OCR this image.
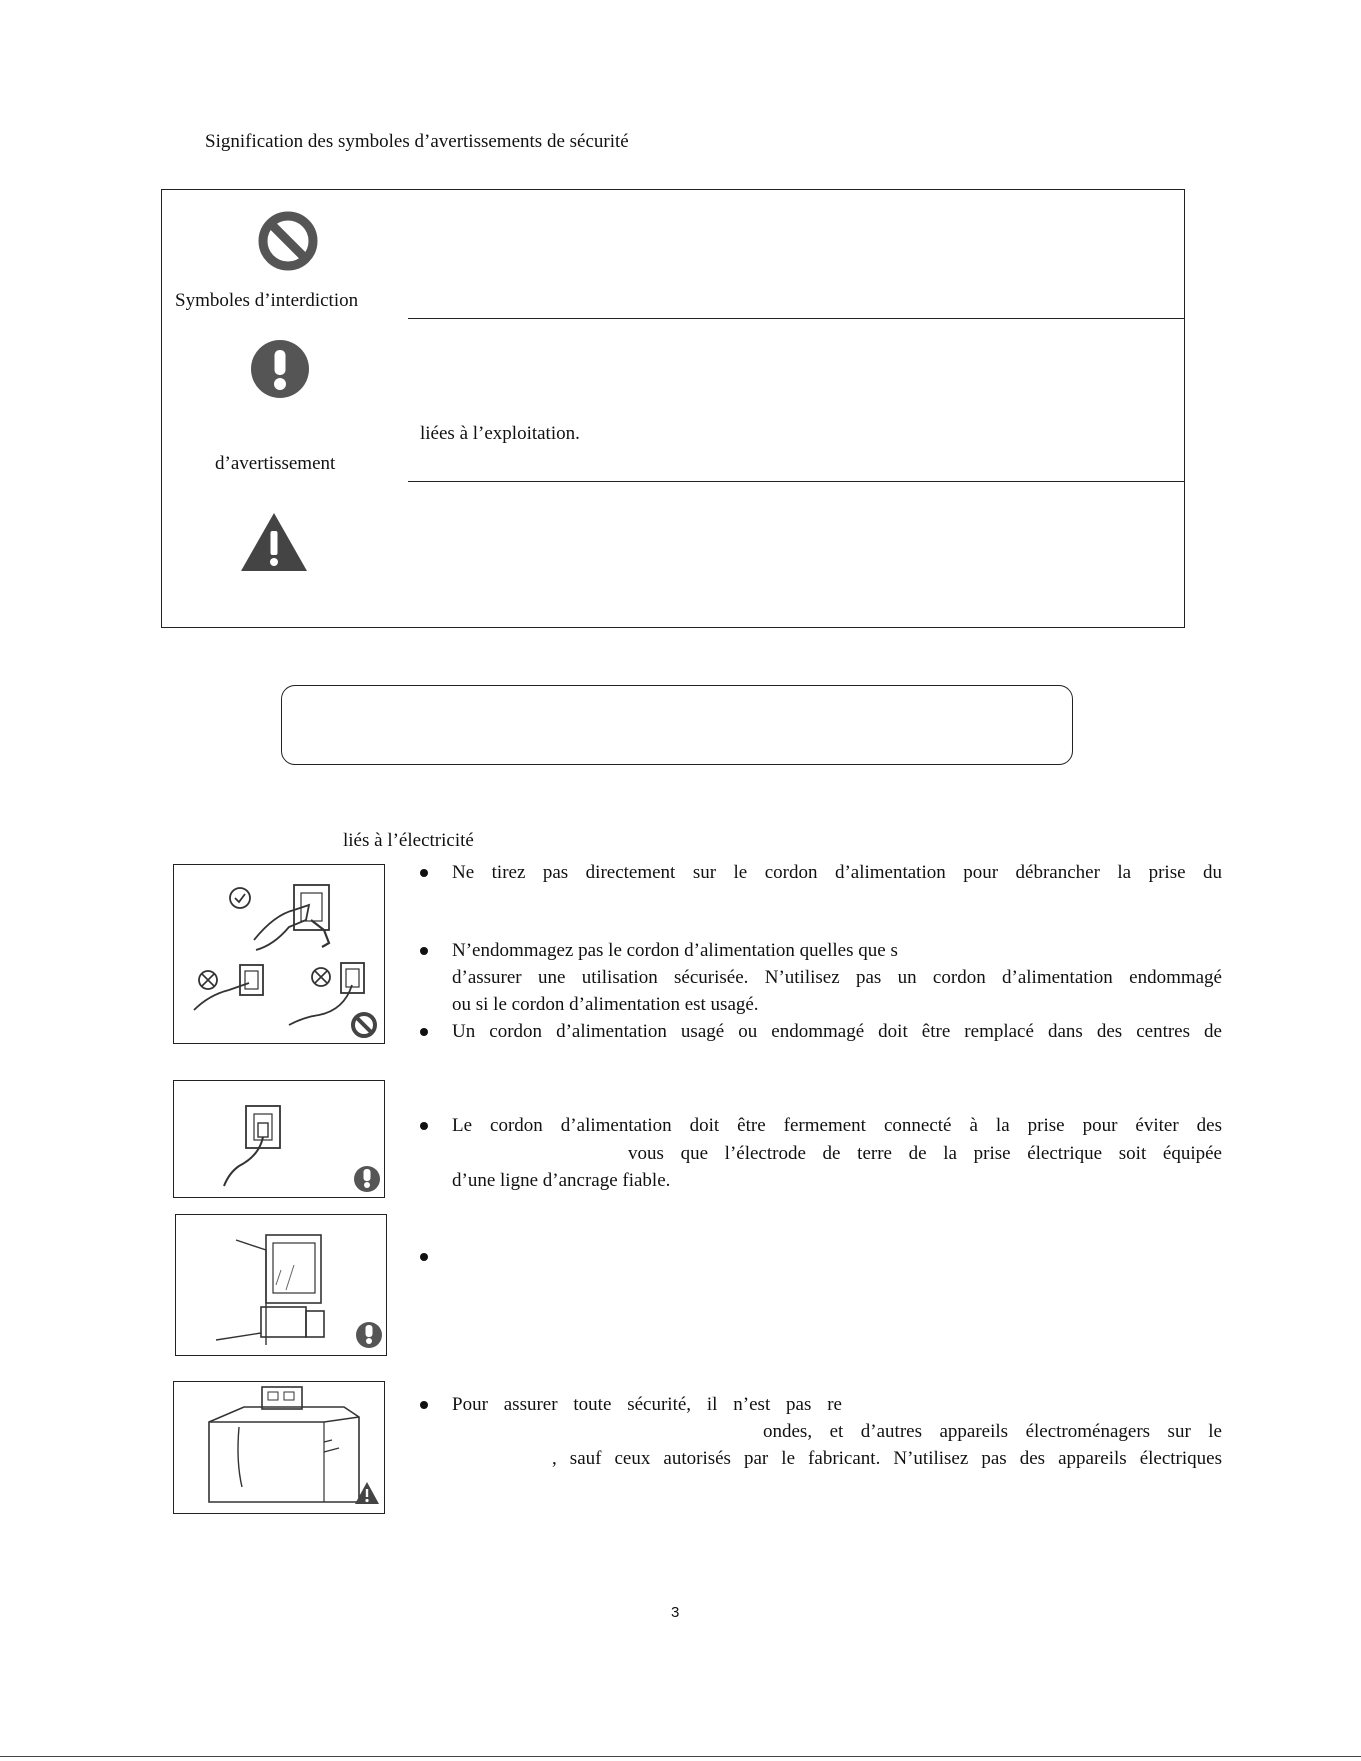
Signification des symboles d’avertissements de sécurité
Symboles d’interdiction
liées à l’exploitation.
d’avertissement
liés à l’électricité
Ne tirez pas directement sur le cordon d’alimentation pour débrancher la prise du
N’endommagez pas le cordon d’alimentation quelles que s
d’assurer une utilisation sécurisée. N’utilisez pas un cordon d’alimentation endommagé
ou si le cordon d’alimentation est usagé.
Un cordon d’alimentation usagé ou endommagé doit être remplacé dans des centres de
Le cordon d’alimentation doit être fermement connecté à la prise pour éviter des
vous que l’électrode de terre de la prise électrique soit équipée
d’une ligne d’ancrage fiable.
Pour assurer toute sécurité, il n’est pas re
ondes, et d’autres appareils électroménagers sur le
, sauf ceux autorisés par le fabricant. N’utilisez pas des appareils électriques
3
